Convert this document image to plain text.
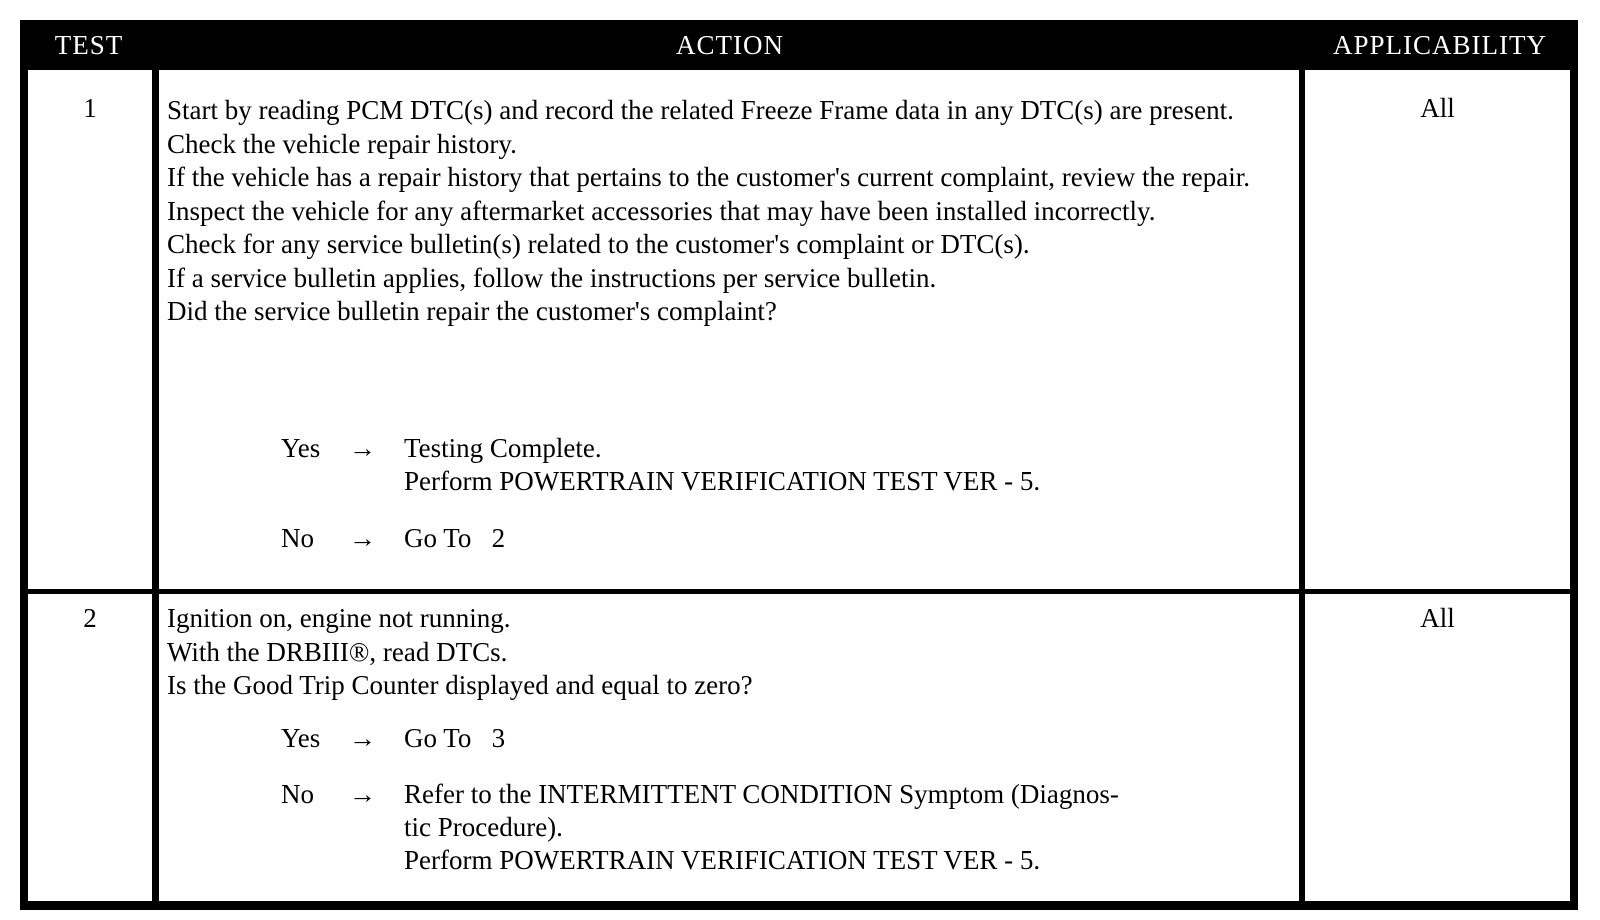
TEST	ACTION	APPLICABILITY
1	Start by reading PCM DTC(s) and record the related Freeze Frame data in any DTC(s) are present.

Check the vehicle repair history.

If the vehicle has a repair history that pertains to the customer's current complaint, review the repair.

Inspect the vehicle for any aftermarket accessories that may have been installed incorrectly.

Check for any service bulletin(s) related to the customer's complaint or DTC(s).

If a service bulletin applies, follow the instructions per service bulletin.

Did the service bulletin repair the customer's complaint?

Yes → Testing Complete.
Perform POWERTRAIN VERIFICATION TEST VER - 5.
No → Go To   2
All
2	Ignition on, engine not running.

With the DRBIII®, read DTCs.

Is the Good Trip Counter displayed and equal to zero?

Yes → Go To   3
No → Refer to the INTERMITTENT CONDITION Symptom (Diagnos-
tic Procedure).
Perform POWERTRAIN VERIFICATION TEST VER - 5.
All
